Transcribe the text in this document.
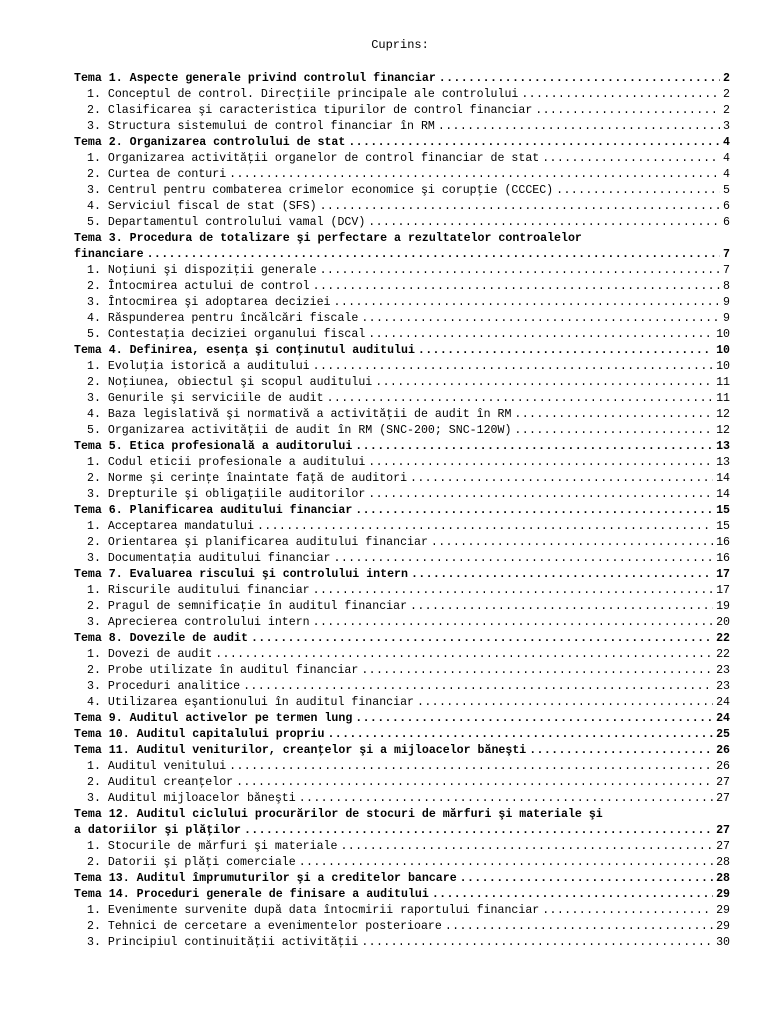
Cuprins:
Tema 1. Aspecte generale privind controlul financiar . . .	2
1. Conceptul de control. Direcţiile principale ale controlului . . .	2
2. Clasificarea şi caracteristica tipurilor de control financiar . . .	2
3. Structura sistemului de control financiar în RM . . .	3
Tema 2. Organizarea controlului de stat . . .	4
1. Organizarea activităţii organelor de control financiar de stat . . .	4
2. Curtea de conturi . . .	4
3. Centrul pentru combaterea crimelor economice şi corupţie (CCCEC) . . .	5
4. Serviciul fiscal de stat (SFS) . . .	6
5. Departamentul controlului vamal (DCV) . . .	6
Tema 3. Procedura de totalizare şi perfectare a rezultatelor controalelor
financiare . . .	7
1. Noţiuni şi dispoziţii generale . . .	7
2. Întocmirea actului de control . . .	8
3. Întocmirea şi adoptarea deciziei . . .	9
4. Răspunderea pentru încălcări fiscale . . .	9
5. Contestaţia deciziei organului fiscal . . .	10
Tema 4. Definirea, esenţa şi conţinutul auditului . . .	10
1. Evoluţia istorică a auditului . . .	10
2. Noţiunea, obiectul şi scopul auditului . . .	11
3. Genurile şi serviciile de audit . . .	11
4. Baza legislativă şi normativă a activităţii de audit în RM . . .	12
5. Organizarea activităţii de audit în RM (SNC-200; SNC-120W) . . .	12
Tema 5. Etica profesională a auditorului . . .	13
1. Codul eticii profesionale a auditului . . .	13
2. Norme şi cerinţe înaintate faţă de auditori . . .	14
3. Drepturile şi obligaţiile auditorilor . . .	14
Tema 6. Planificarea auditului financiar . . .	15
1. Acceptarea mandatului . . .	15
2. Orientarea şi planificarea auditului financiar . . .	16
3. Documentaţia auditului financiar . . .	16
Tema 7. Evaluarea riscului şi controlului intern . . .	17
1. Riscurile auditului financiar . . .	17
2. Pragul de semnificaţie în auditul financiar . . .	19
3. Aprecierea controlului intern . . .	20
Tema 8. Dovezile de audit . . .	22
1. Dovezi de audit . . .	22
2. Probe utilizate în auditul financiar . . .	23
3. Proceduri analitice . . .	23
4. Utilizarea eşantionului în auditul financiar . . .	24
Tema 9. Auditul activelor pe termen lung . . .	24
Tema 10. Auditul capitalului propriu . . .	25
Tema 11. Auditul veniturilor, creanţelor şi a mijloacelor băneşti . . .	26
1. Auditul venitului . . .	26
2. Auditul creanţelor . . .	27
3. Auditul mijloacelor băneşti . . .	27
Tema 12. Auditul ciclului procurărilor de stocuri de mărfuri şi materiale şi
a datoriilor şi plăţilor . . .	27
1. Stocurile de mărfuri şi materiale . . .	27
2. Datorii şi plăţi comerciale . . .	28
Tema 13. Auditul împrumuturilor şi a creditelor bancare . . .	28
Tema 14. Proceduri generale de finisare a auditului . . .	29
1. Evenimente survenite după data întocmirii raportului financiar . . .	29
2. Tehnici de cercetare a evenimentelor posterioare . . .	29
3. Principiul continuităţii activităţii . . .	30
